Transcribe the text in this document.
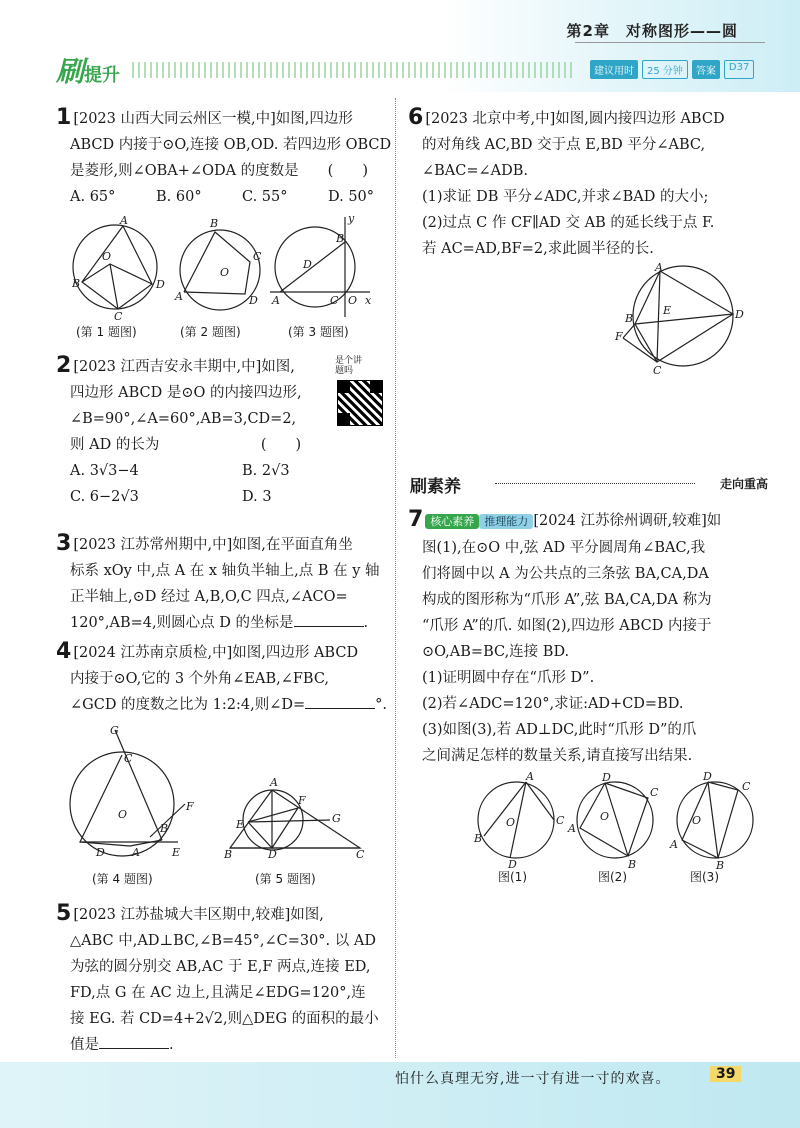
第2章　对称图形——圆
刷提升	建议用时	25 分钟	答案	D37
1 [2023 山西大同云州区一模,中]如图,四边形

ABCD 内接于⊙O,连接 OB,OD. 若四边形 OBCD

是菱形,则∠OBA+∠ODA 的度数是　　(　　)

A. 65°	B. 60°	C. 55°	D. 50°
A
B
C
D
O
B
A
C
D
O
y
x
A
B
O
C
D
(第 1 题图)	(第 2 题图)	(第 3 题图)
2 [2023 江西吉安永丰期中,中]如图,

四边形 ABCD 是⊙O 的内接四边形,

∠B=90°,∠A=60°,AB=3,CD=2,

则 AD 的长为　　　　　　　(　　)

A. 3√3−4	B. 2√3
C. 6−2√3	D. 3
是个讲题吗
3 [2023 江苏常州期中,中]如图,在平面直角坐

标系 xOy 中,点 A 在 x 轴负半轴上,点 B 在 y 轴

正半轴上,⊙D 经过 A,B,O,C 四点,∠ACO=

120°,AB=4,则圆心点 D 的坐标是	.

4 [2024 江苏南京质检,中]如图,四边形 ABCD

内接于⊙O,它的 3 个外角∠EAB,∠FBC,

∠GCD 的度数之比为 1:2:4,则∠D=	°.

G
C
F
B
O
D A	E
A
F
E	G
B	D	C
(第 4 题图)	(第 5 题图)
5 [2023 江苏盐城大丰区期中,较难]如图,

△ABC 中,AD⊥BC,∠B=45°,∠C=30°. 以 AD

为弦的圆分别交 AB,AC 于 E,F 两点,连接 ED,

FD,点 G 在 AC 边上,且满足∠EDG=120°,连

接 EG. 若 CD=4+2√2,则△DEG 的面积的最小

值是	.

6 [2023 北京中考,中]如图,圆内接四边形 ABCD

的对角线 AC,BD 交于点 E,BD 平分∠ABC,

∠BAC=∠ADB.

(1)求证 DB 平分∠ADC,并求∠BAD 的大小;

(2)过点 C 作 CF∥AD 交 AB 的延长线于点 F.

若 AC=AD,BF=2,求此圆半径的长.

A
B
F
C
D
E
刷素养	走向重高
7 核心素养 推理能力 [2024 江苏徐州调研,较难]如

图(1),在⊙O 中,弦 AD 平分圆周角∠BAC,我

们将圆中以 A 为公共点的三条弦 BA,CA,DA

构成的图形称为“爪形 A”,弦 BA,CA,DA 称为

“爪形 A”的爪. 如图(2),四边形 ABCD 内接于

⊙O,AB=BC,连接 BD.

(1)证明圆中存在“爪形 D”.

(2)若∠ADC=120°,求证:AD+CD=BD.

(3)如图(3),若 AD⊥DC,此时“爪形 D”的爪

之间满足怎样的数量关系,请直接写出结果.

A
B
C
D
O
D
A
B
C
O
D
A
B
C
O
图(1)	图(2)	图(3)
怕什么真理无穷,进一寸有进一寸的欢喜。	39
